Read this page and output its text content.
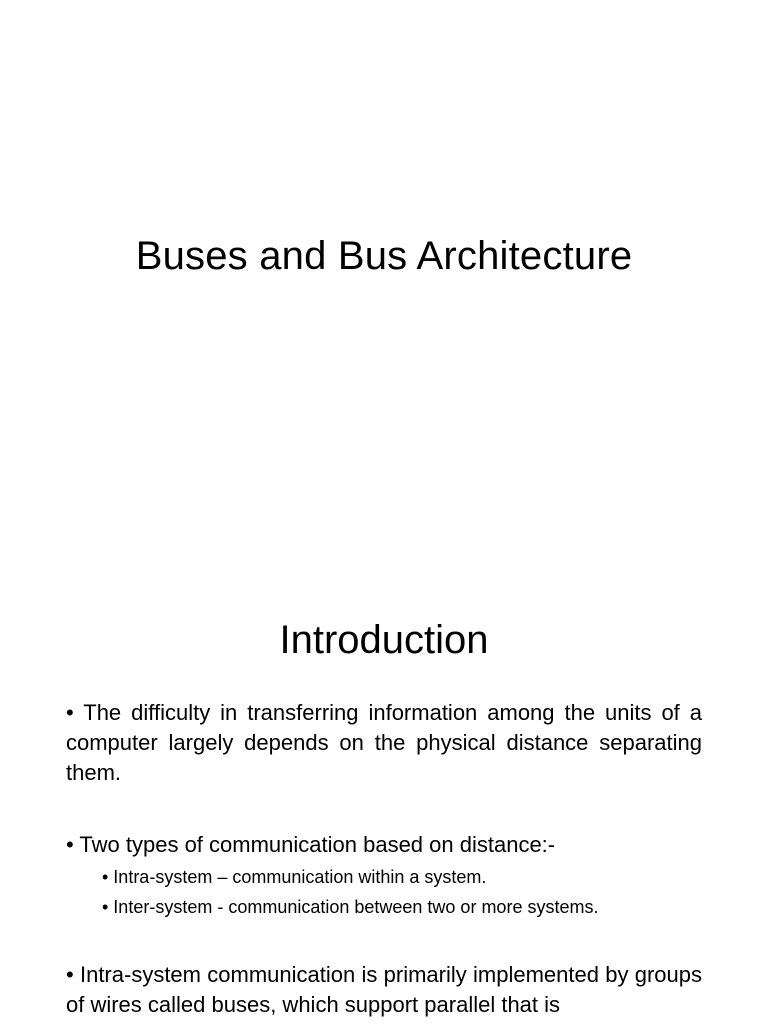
Buses and Bus Architecture
Introduction
• The difficulty in transferring information among the units of a computer largely depends on the physical distance separating them.
• Two types of communication based on distance:-
• Intra-system – communication within a system.
• Inter-system - communication between two or more systems.
• Intra-system communication is primarily implemented by groups of wires called buses, which support parallel that is
